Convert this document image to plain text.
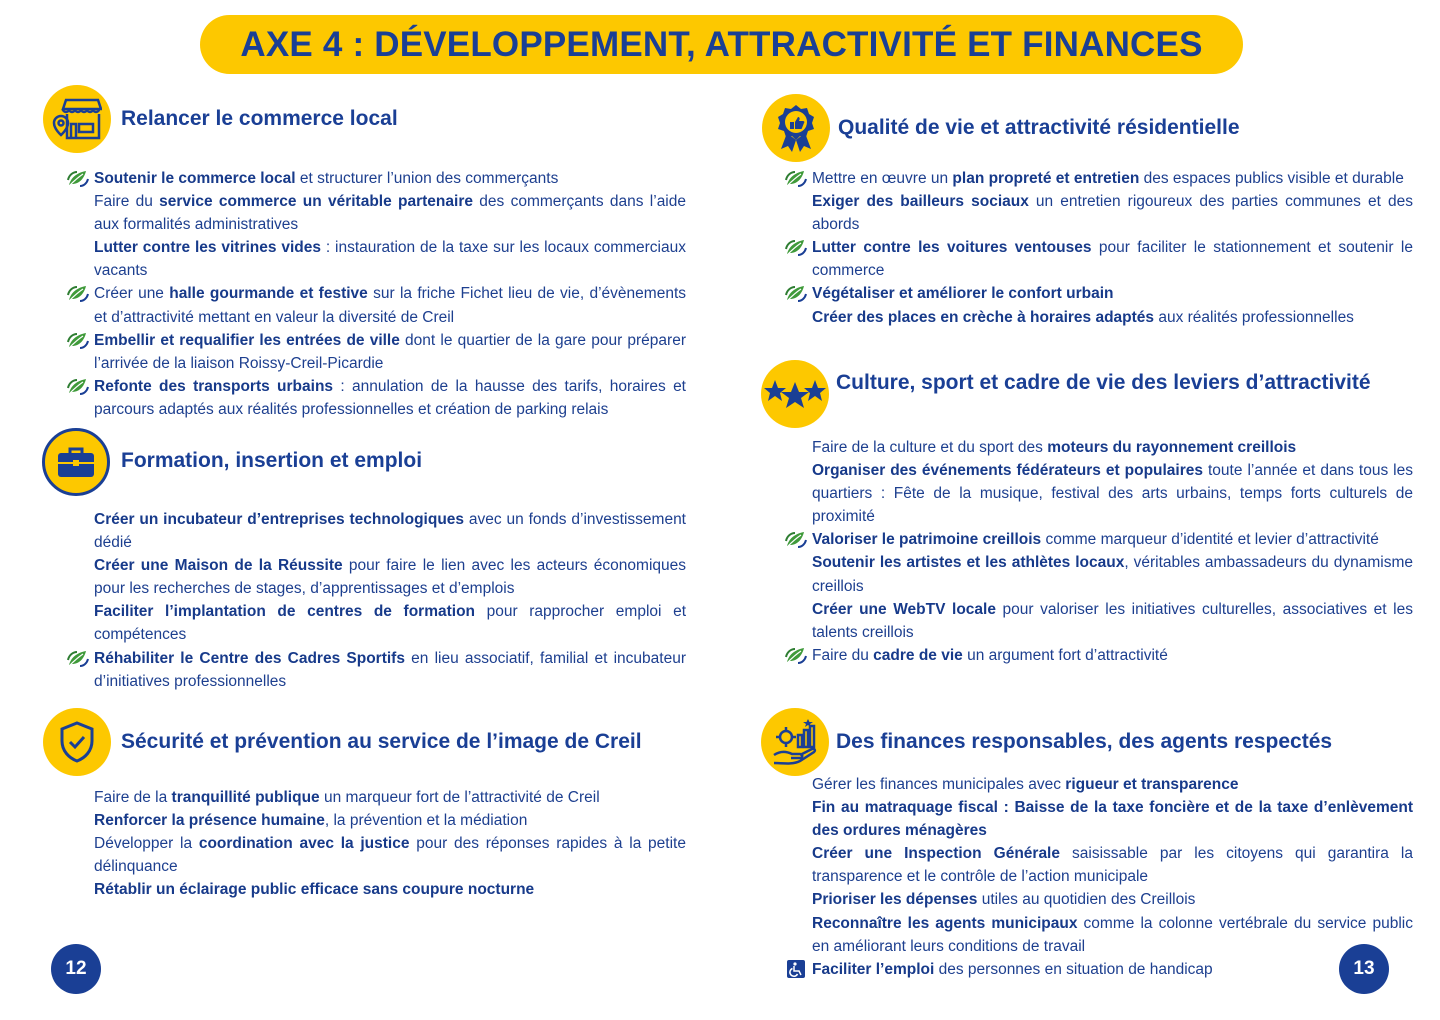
AXE 4 : DÉVELOPPEMENT, ATTRACTIVITÉ ET FINANCES
Relancer le commerce local
Soutenir le commerce local et structurer l’union des commerçants
Faire du service commerce un véritable partenaire des commerçants dans l’aide aux formalités administratives
Lutter contre les vitrines vides : instauration de la taxe sur les locaux commerciaux vacants
Créer une halle gourmande et festive sur la friche Fichet lieu de vie, d’évènements et d’attractivité mettant en valeur la diversité de Creil
Embellir et requalifier les entrées de ville dont le quartier de la gare pour préparer l’arrivée de la liaison Roissy-Creil-Picardie
Refonte des transports urbains : annulation de la hausse des tarifs, horaires et parcours adaptés aux réalités professionnelles et création de parking relais
Formation, insertion et emploi
Créer un incubateur d’entreprises technologiques avec un fonds d’investissement dédié
Créer une Maison de la Réussite pour faire le lien avec les acteurs économiques pour les recherches de stages, d’apprentissages et d’emplois
Faciliter l’implantation de centres de formation pour rapprocher emploi et compétences
Réhabiliter le Centre des Cadres Sportifs en lieu associatif, familial et incubateur d’initiatives professionnelles
Sécurité et prévention au service de l’image de Creil
Faire de la tranquillité publique un marqueur fort de l’attractivité de Creil
Renforcer la présence humaine, la prévention et la médiation
Développer la coordination avec la justice pour des réponses rapides à la petite délinquance
Rétablir un éclairage public efficace sans coupure nocturne
Qualité de vie et attractivité résidentielle
Mettre en œuvre un plan propreté et entretien des espaces publics visible et durable
Exiger des bailleurs sociaux un entretien rigoureux des parties communes et des abords
Lutter contre les voitures ventouses pour faciliter le stationnement et soutenir le commerce
Végétaliser et améliorer le confort urbain
Créer des places en crèche à horaires adaptés aux réalités professionnelles
Culture, sport et cadre de vie des leviers d’attractivité
Faire de la culture et du sport des moteurs du rayonnement creillois
Organiser des événements fédérateurs et populaires toute l’année et dans tous les quartiers : Fête de la musique, festival des arts urbains, temps forts culturels de proximité
Valoriser le patrimoine creillois comme marqueur d’identité et levier d’attractivité
Soutenir les artistes et les athlètes locaux, véritables ambassadeurs du dynamisme creillois
Créer une WebTV locale pour valoriser les initiatives culturelles, associatives et les talents creillois
Faire du cadre de vie un argument fort d’attractivité
Des finances responsables, des agents respectés
Gérer les finances municipales avec rigueur et transparence
Fin au matraquage fiscal : Baisse de la taxe foncière et de la taxe d’enlèvement des ordures ménagères
Créer une Inspection Générale saisissable par les citoyens qui garantira la transparence et le contrôle de l’action municipale
Prioriser les dépenses utiles au quotidien des Creillois
Reconnaître les agents municipaux comme la colonne vertébrale du service public en améliorant leurs conditions de travail
Faciliter l’emploi des personnes en situation de handicap
12	13
